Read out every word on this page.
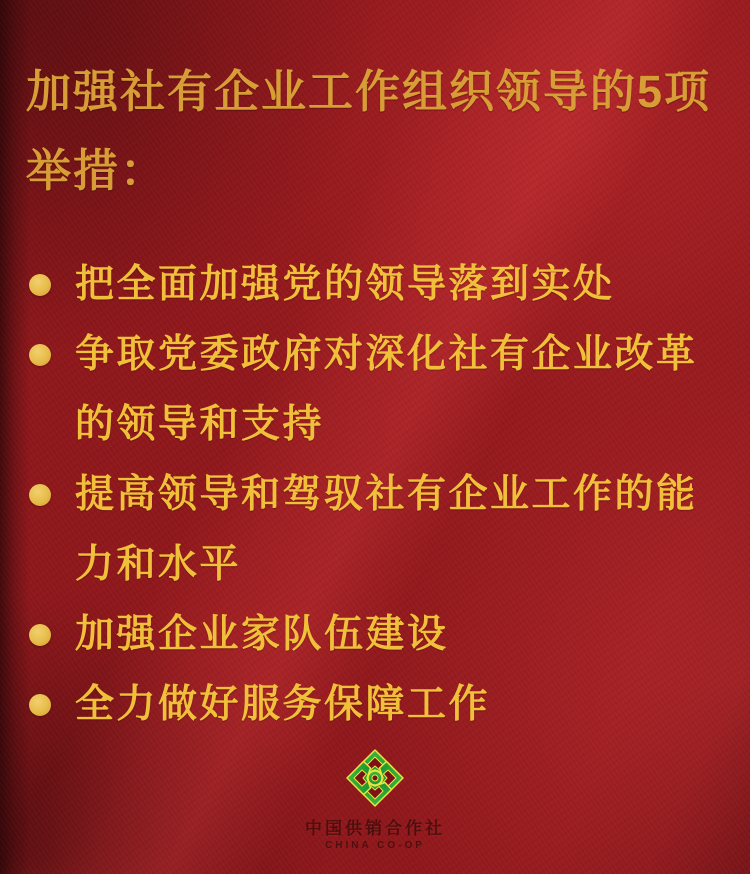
加强社有企业工作组织领导的5项
举措：
把全面加强党的领导落到实处
争取党委政府对深化社有企业改革的领导和支持
提高领导和驾驭社有企业工作的能力和水平
加强企业家队伍建设
全力做好服务保障工作
中国供销合作社
CHINA CO-OP
